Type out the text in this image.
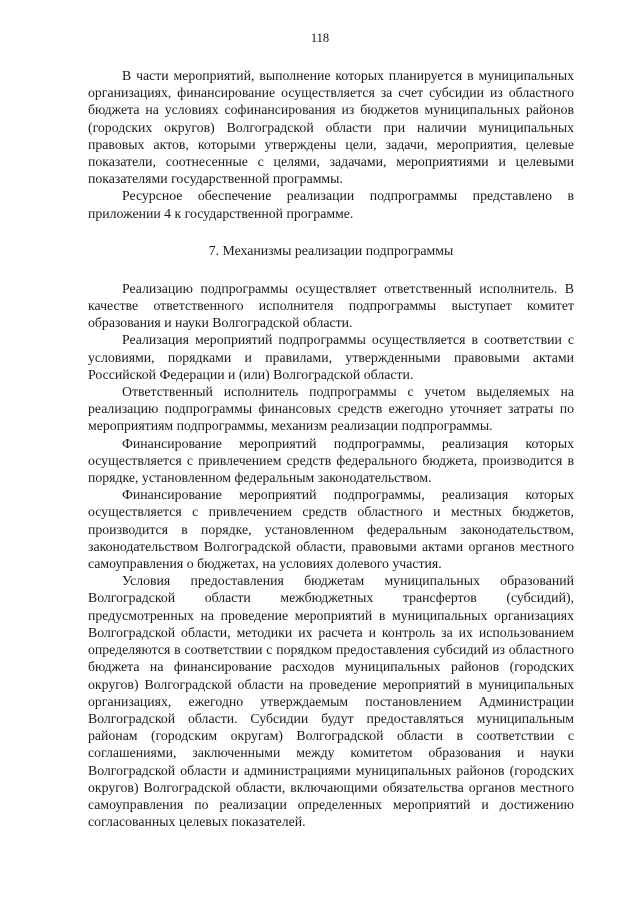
118

В части мероприятий, выполнение которых планируется в муниципальных организациях, финансирование осуществляется за счет субсидии из областного бюджета на условиях софинансирования из бюджетов муниципальных районов (городских округов) Волгоградской области при наличии муниципальных правовых актов, которыми утверждены цели, задачи, мероприятия, целевые показатели, соотнесенные с целями, задачами, мероприятиями и целевыми показателями государственной программы.

Ресурсное обеспечение реализации подпрограммы представлено в приложении 4 к государственной программе.

7. Механизмы реализации подпрограммы

Реализацию подпрограммы осуществляет ответственный исполнитель. В качестве ответственного исполнителя подпрограммы выступает комитет образования и науки Волгоградской области.

Реализация мероприятий подпрограммы осуществляется в соответствии с условиями, порядками и правилами, утвержденными правовыми актами Российской Федерации и (или) Волгоградской области.

Ответственный исполнитель подпрограммы с учетом выделяемых на реализацию подпрограммы финансовых средств ежегодно уточняет затраты по мероприятиям подпрограммы, механизм реализации подпрограммы.

Финансирование мероприятий подпрограммы, реализация которых осуществляется с привлечением средств федерального бюджета, производится в порядке, установленном федеральным законодательством.

Финансирование мероприятий подпрограммы, реализация которых осуществляется с привлечением средств областного и местных бюджетов, производится в порядке, установленном федеральным законодательством, законодательством Волгоградской области, правовыми актами органов местного самоуправления о бюджетах, на условиях долевого участия.

Условия предоставления бюджетам муниципальных образований Волгоградской области межбюджетных трансфертов (субсидий), предусмотренных на проведение мероприятий в муниципальных организациях Волгоградской области, методики их расчета и контроль за их использованием определяются в соответствии с порядком предоставления субсидий из областного бюджета на финансирование расходов муниципальных районов (городских округов) Волгоградской области на проведение мероприятий в муниципальных организациях, ежегодно утверждаемым постановлением Администрации Волгоградской области. Субсидии будут предоставляться муниципальным районам (городским округам) Волгоградской области в соответствии с соглашениями, заключенными между комитетом образования и науки Волгоградской области и администрациями муниципальных районов (городских округов) Волгоградской области, включающими обязательства органов местного самоуправления по реализации определенных мероприятий и достижению согласованных целевых показателей.
